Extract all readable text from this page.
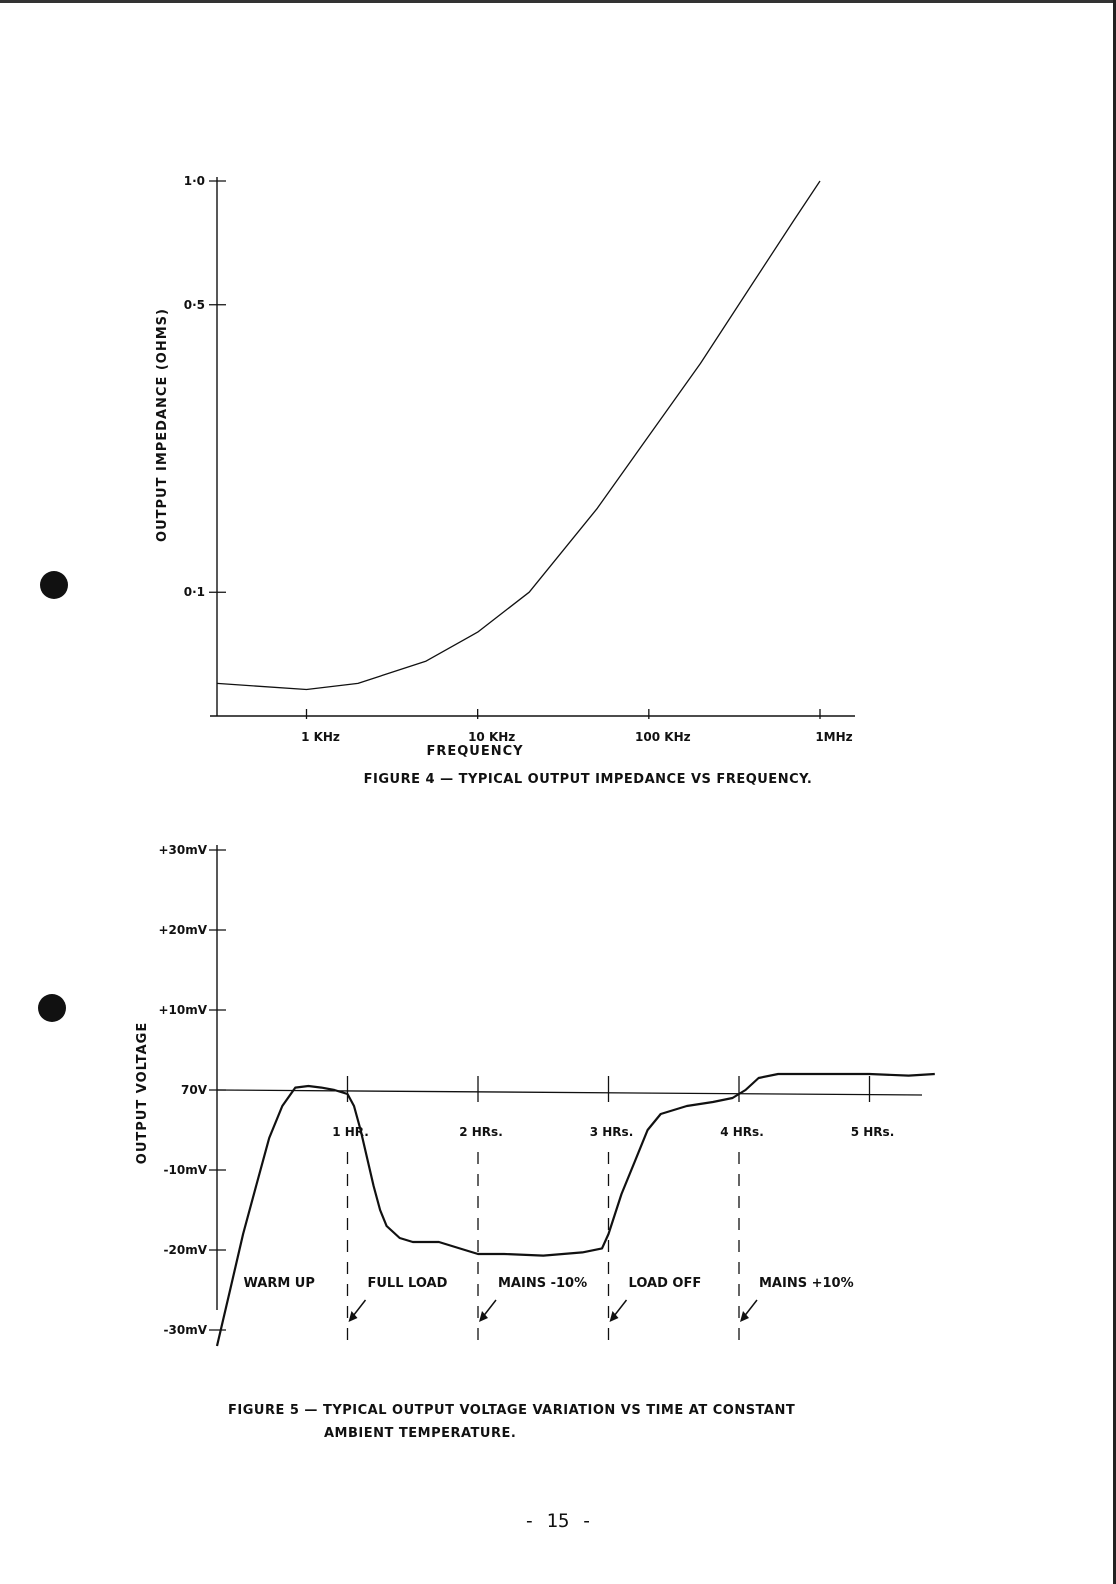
1·0
0·5
0·1
1 KHz	10 KHz	100 KHz	1MHz
FREQUENCY
OUTPUT IMPEDANCE (OHMS)
FIGURE 4 — TYPICAL OUTPUT IMPEDANCE VS FREQUENCY.
+30mV
+20mV
+10mV
70V
-10mV
-20mV
-30mV
1 HR.	2 HRs.	3 HRs.	4 HRs.	5 HRs.
WARM UP	FULL LOAD	MAINS -10%	LOAD OFF	MAINS +10%
OUTPUT VOLTAGE
FIGURE 5 — TYPICAL OUTPUT VOLTAGE VARIATION VS TIME AT CONSTANT
AMBIENT TEMPERATURE.
- 15 -
